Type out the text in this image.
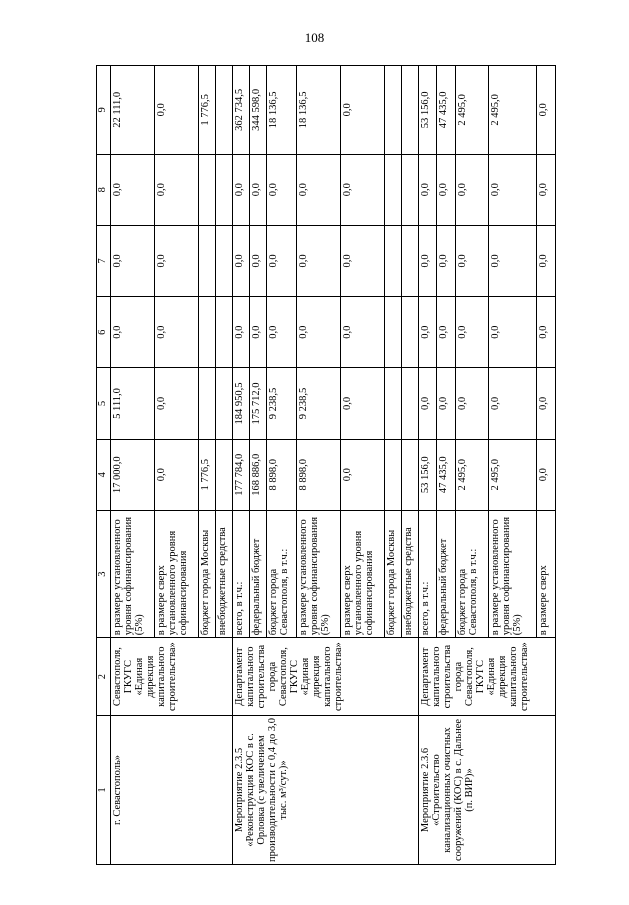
108
1	2	3	4	5	6	7	8	9
г. Севастополь»	Севастополя, ГКУГС «Единая дирекция капитального строительства»	в размере установленного уровня софинансирования (5%)	17 000,0	5 111,0	0,0	0,0	0,0	22 111,0
		в размере сверх установленного уровня софинансирования	0,0	0,0	0,0	0,0	0,0	0,0
		бюджет города Москвы	1 776,5					1 776,5
		внебюджетные средства						
Мероприятие 2.3.5 «Реконструкция КОС в с. Орловка (с увеличением производительности с 0,4 до 3,0 тыс. м³/сут.)»	Департамент капитального строительства города Севастополя, ГКУГС «Единая дирекция капитального строительства»	всего, в т.ч.:	177 784,0	184 950,5	0,0	0,0	0,0	362 734,5
		федеральный бюджет	168 886,0	175 712,0	0,0	0,0	0,0	344 598,0
		бюджет города Севастополя, в т.ч.:	8 898,0	9 238,5	0,0	0,0	0,0	18 136,5
		в размере установленного уровня софинансирования (5%)	8 898,0	9 238,5	0,0	0,0	0,0	18 136,5
		в размере сверх установленного уровня софинансирования	0,0	0,0	0,0	0,0	0,0	0,0
		бюджет города Москвы						
		внебюджетные средства						
Мероприятие 2.3.6 «Строительство канализационных очистных сооружений (КОС) в с. Дальнее (п. ВИР)»	Департамент капитального строительства города Севастополя, ГКУГС «Единая дирекция капитального строительства»	всего, в т.ч.:	53 156,0	0,0	0,0	0,0	0,0	53 156,0
		федеральный бюджет	47 435,0	0,0	0,0	0,0	0,0	47 435,0
		бюджет города Севастополя, в т.ч.:	2 495,0	0,0	0,0	0,0	0,0	2 495,0
		в размере установленного уровня софинансирования (5%)	2 495,0	0,0	0,0	0,0	0,0	2 495,0
		в размере сверх	0,0	0,0	0,0	0,0	0,0	0,0
